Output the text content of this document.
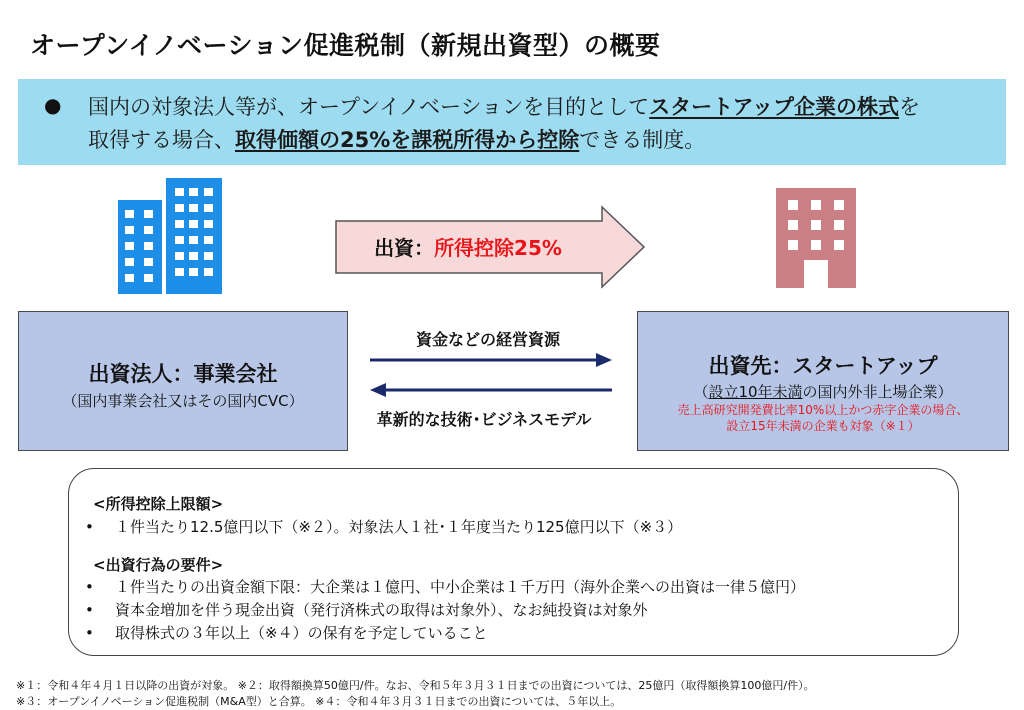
オープンイノベーション促進税制（新規出資型）の概要
● 国内の対象法人等が、オープンイノベーションを目的としてスタートアップ企業の株式を
取得する場合、取得価額の25%を課税所得から控除できる制度。
出資：所得控除25%
出資法人：事業会社
（国内事業会社又はその国内CVC）
出資先：スタートアップ
（設立10年未満の国内外非上場企業）
売上高研究開発費比率10%以上かつ赤字企業の場合、
設立15年未満の企業も対象（※１）
資金などの経営資源
革新的な技術･ビジネスモデル
<所得控除上限額>
• １件当たり12.5億円以下（※２）。対象法人１社･１年度当たり125億円以下（※３）
<出資行為の要件>
• １件当たりの出資金額下限：大企業は１億円、中小企業は１千万円（海外企業への出資は一律５億円）
• 資本金増加を伴う現金出資（発行済株式の取得は対象外）、なお純投資は対象外
• 取得株式の３年以上（※４）の保有を予定していること
※１：令和４年４月１日以降の出資が対象。 ※２：取得額換算50億円/件。なお、令和５年３月３１日までの出資については、25億円（取得額換算100億円/件）。
※３：オープンイノベーション促進税制（M&A型）と合算。 ※４：令和４年３月３１日までの出資については、５年以上。
